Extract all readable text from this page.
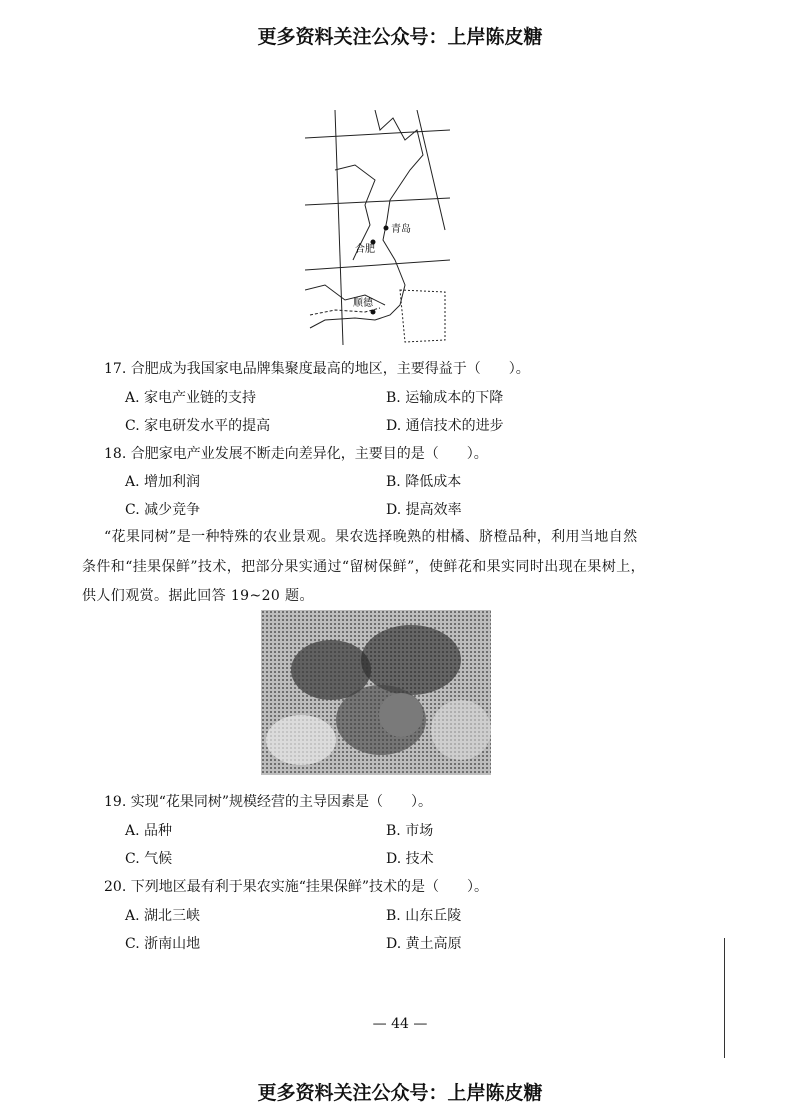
更多资料关注公众号：上岸陈皮糖
青岛
合肥
顺德
17. 合肥成为我国家电品牌集聚度最高的地区，主要得益于（　　）。
A. 家电产业链的支持	B. 运输成本的下降
C. 家电研发水平的提高	D. 通信技术的进步
18. 合肥家电产业发展不断走向差异化，主要目的是（　　）。
A. 增加利润	B. 降低成本
C. 减少竞争	D. 提高效率
“花果同树”是一种特殊的农业景观。果农选择晚熟的柑橘、脐橙品种，利用当地自然
条件和“挂果保鲜”技术，把部分果实通过“留树保鲜”，使鲜花和果实同时出现在果树上，
供人们观赏。据此回答 19~20 题。
19. 实现“花果同树”规模经营的主导因素是（　　）。
A. 品种	B. 市场
C. 气候	D. 技术
20. 下列地区最有利于果农实施“挂果保鲜”技术的是（　　）。
A. 湖北三峡	B. 山东丘陵
C. 浙南山地	D. 黄土高原
— 44 —
更多资料关注公众号：上岸陈皮糖
